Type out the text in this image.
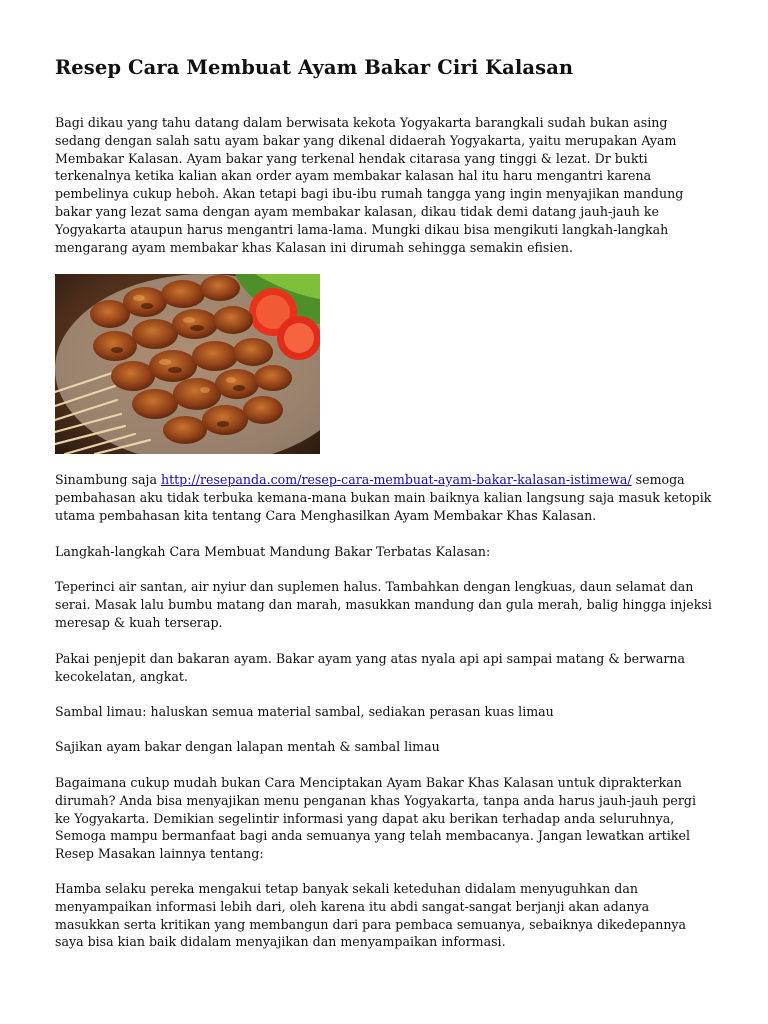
Resep Cara Membuat Ayam Bakar Ciri Kalasan

Bagi dikau yang tahu datang dalam berwisata kekota Yogyakarta barangkali sudah bukan asing sedang dengan salah satu ayam bakar yang dikenal didaerah Yogyakarta, yaitu merupakan Ayam Membakar Kalasan. Ayam bakar yang terkenal hendak citarasa yang tinggi & lezat. Dr bukti terkenalnya ketika kalian akan order ayam membakar kalasan hal itu haru mengantri karena pembelinya cukup heboh. Akan tetapi bagi ibu-ibu rumah tangga yang ingin menyajikan mandung bakar yang lezat sama dengan ayam membakar kalasan, dikau tidak demi datang jauh-jauh ke Yogyakarta ataupun harus mengantri lama-lama. Mungki dikau bisa mengikuti langkah-langkah mengarang ayam membakar khas Kalasan ini dirumah sehingga semakin efisien.

Sinambung saja http://resepanda.com/resep-cara-membuat-ayam-bakar-kalasan-istimewa/ semoga pembahasan aku tidak terbuka kemana-mana bukan main baiknya kalian langsung saja masuk ketopik utama pembahasan kita tentang Cara Menghasilkan Ayam Membakar Khas Kalasan.

Langkah-langkah Cara Membuat Mandung Bakar Terbatas Kalasan:

Teperinci air santan, air nyiur dan suplemen halus. Tambahkan dengan lengkuas, daun selamat dan serai. Masak lalu bumbu matang dan marah, masukkan mandung dan gula merah, balig hingga injeksi meresap & kuah terserap.

Pakai penjepit dan bakaran ayam. Bakar ayam yang atas nyala api api sampai matang & berwarna kecokelatan, angkat.

Sambal limau: haluskan semua material sambal, sediakan perasan kuas limau

Sajikan ayam bakar dengan lalapan mentah & sambal limau

Bagaimana cukup mudah bukan Cara Menciptakan Ayam Bakar Khas Kalasan untuk diprakterkan dirumah? Anda bisa menyajikan menu penganan khas Yogyakarta, tanpa anda harus jauh-jauh pergi ke Yogyakarta. Demikian segelintir informasi yang dapat aku berikan terhadap anda seluruhnya, Semoga mampu bermanfaat bagi anda semuanya yang telah membacanya. Jangan lewatkan artikel Resep Masakan lainnya tentang:

Hamba selaku pereka mengakui tetap banyak sekali keteduhan didalam menyuguhkan dan menyampaikan informasi lebih dari, oleh karena itu abdi sangat-sangat berjanji akan adanya masukkan serta kritikan yang membangun dari para pembaca semuanya, sebaiknya dikedepannya saya bisa kian baik didalam menyajikan dan menyampaikan informasi.
